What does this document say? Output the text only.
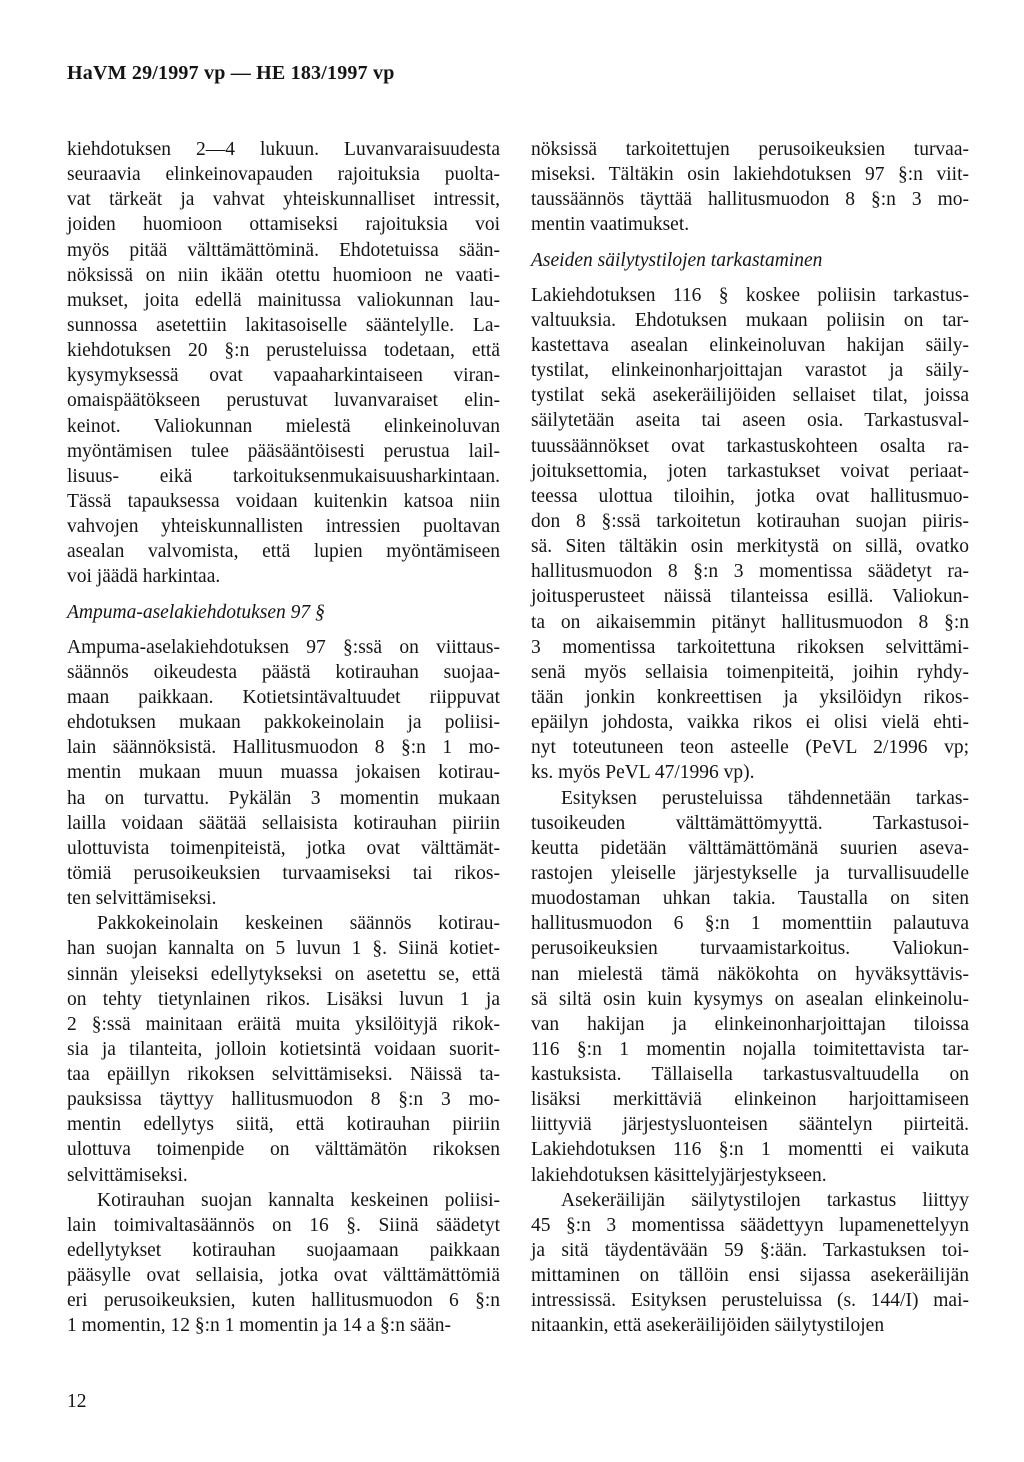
HaVM 29/1997 vp — HE 183/1997 vp
kiehdotuksen 2—4 lukuun. Luvanvaraisuudesta
seuraavia elinkeinovapauden rajoituksia puolta-
vat tärkeät ja vahvat yhteiskunnalliset intressit,
joiden huomioon ottamiseksi rajoituksia voi
myös pitää välttämättöminä. Ehdotetuissa sään-
nöksissä on niin ikään otettu huomioon ne vaati-
mukset, joita edellä mainitussa valiokunnan lau-
sunnossa asetettiin lakitasoiselle sääntelylle. La-
kiehdotuksen 20 §:n perusteluissa todetaan, että
kysymyksessä ovat vapaaharkintaiseen viran-
omaispäätökseen perustuvat luvanvaraiset elin-
keinot. Valiokunnan mielestä elinkeinoluvan
myöntämisen tulee pääsääntöisesti perustua lail-
lisuus- eikä tarkoituksenmukaisuusharkintaan.
Tässä tapauksessa voidaan kuitenkin katsoa niin
vahvojen yhteiskunnallisten intressien puoltavan
asealan valvomista, että lupien myöntämiseen
voi jäädä harkintaa.
Ampuma-aselakiehdotuksen 97 §
Ampuma-aselakiehdotuksen 97 §:ssä on viittaus-
säännös oikeudesta päästä kotirauhan suojaa-
maan paikkaan. Kotietsintävaltuudet riippuvat
ehdotuksen mukaan pakkokeinolain ja poliisi-
lain säännöksistä. Hallitusmuodon 8 §:n 1 mo-
mentin mukaan muun muassa jokaisen kotirau-
ha on turvattu. Pykälän 3 momentin mukaan
lailla voidaan säätää sellaisista kotirauhan piiriin
ulottuvista toimenpiteistä, jotka ovat välttämät-
tömiä perusoikeuksien turvaamiseksi tai rikos-
ten selvittämiseksi.
Pakkokeinolain keskeinen säännös kotirau-
han suojan kannalta on 5 luvun 1 §. Siinä kotiet-
sinnän yleiseksi edellytykseksi on asetettu se, että
on tehty tietynlainen rikos. Lisäksi luvun 1 ja
2 §:ssä mainitaan eräitä muita yksilöityjä rikok-
sia ja tilanteita, jolloin kotietsintä voidaan suorit-
taa epäillyn rikoksen selvittämiseksi. Näissä ta-
pauksissa täyttyy hallitusmuodon 8 §:n 3 mo-
mentin edellytys siitä, että kotirauhan piiriin
ulottuva toimenpide on välttämätön rikoksen
selvittämiseksi.
Kotirauhan suojan kannalta keskeinen poliisi-
lain toimivaltasäännös on 16 §. Siinä säädetyt
edellytykset kotirauhan suojaamaan paikkaan
pääsylle ovat sellaisia, jotka ovat välttämättömiä
eri perusoikeuksien, kuten hallitusmuodon 6 §:n
1 momentin, 12 §:n 1 momentin ja 14 a §:n sään-
nöksissä tarkoitettujen perusoikeuksien turvaa-
miseksi. Tältäkin osin lakiehdotuksen 97 §:n viit-
taussäännös täyttää hallitusmuodon 8 §:n 3 mo-
mentin vaatimukset.
Aseiden säilytystilojen tarkastaminen
Lakiehdotuksen 116 § koskee poliisin tarkastus-
valtuuksia. Ehdotuksen mukaan poliisin on tar-
kastettava asealan elinkeinoluvan hakijan säily-
tystilat, elinkeinonharjoittajan varastot ja säily-
tystilat sekä asekeräilijöiden sellaiset tilat, joissa
säilytetään aseita tai aseen osia. Tarkastusval-
tuussäännökset ovat tarkastuskohteen osalta ra-
joituksettomia, joten tarkastukset voivat periaat-
teessa ulottua tiloihin, jotka ovat hallitusmuo-
don 8 §:ssä tarkoitetun kotirauhan suojan piiris-
sä. Siten tältäkin osin merkitystä on sillä, ovatko
hallitusmuodon 8 §:n 3 momentissa säädetyt ra-
joitusperusteet näissä tilanteissa esillä. Valiokun-
ta on aikaisemmin pitänyt hallitusmuodon 8 §:n
3 momentissa tarkoitettuna rikoksen selvittämi-
senä myös sellaisia toimenpiteitä, joihin ryhdy-
tään jonkin konkreettisen ja yksilöidyn rikos-
epäilyn johdosta, vaikka rikos ei olisi vielä ehti-
nyt toteutuneen teon asteelle (PeVL 2/1996 vp;
ks. myös PeVL 47/1996 vp).
Esityksen perusteluissa tähdennetään tarkas-
tusoikeuden välttämättömyyttä. Tarkastusoi-
keutta pidetään välttämättömänä suurien aseva-
rastojen yleiselle järjestykselle ja turvallisuudelle
muodostaman uhkan takia. Taustalla on siten
hallitusmuodon 6 §:n 1 momenttiin palautuva
perusoikeuksien turvaamistarkoitus. Valiokun-
nan mielestä tämä näkökohta on hyväksyttävis-
sä siltä osin kuin kysymys on asealan elinkeinolu-
van hakijan ja elinkeinonharjoittajan tiloissa
116 §:n 1 momentin nojalla toimitettavista tar-
kastuksista. Tällaisella tarkastusvaltuudella on
lisäksi merkittäviä elinkeinon harjoittamiseen
liittyviä järjestysluonteisen sääntelyn piirteitä.
Lakiehdotuksen 116 §:n 1 momentti ei vaikuta
lakiehdotuksen käsittelyjärjestykseen.
Asekeräilijän säilytystilojen tarkastus liittyy
45 §:n 3 momentissa säädettyyn lupamenettelyyn
ja sitä täydentävään 59 §:ään. Tarkastuksen toi-
mittaminen on tällöin ensi sijassa asekeräilijän
intressissä. Esityksen perusteluissa (s. 144/I) mai-
nitaankin, että asekeräilijöiden säilytystilojen
12
